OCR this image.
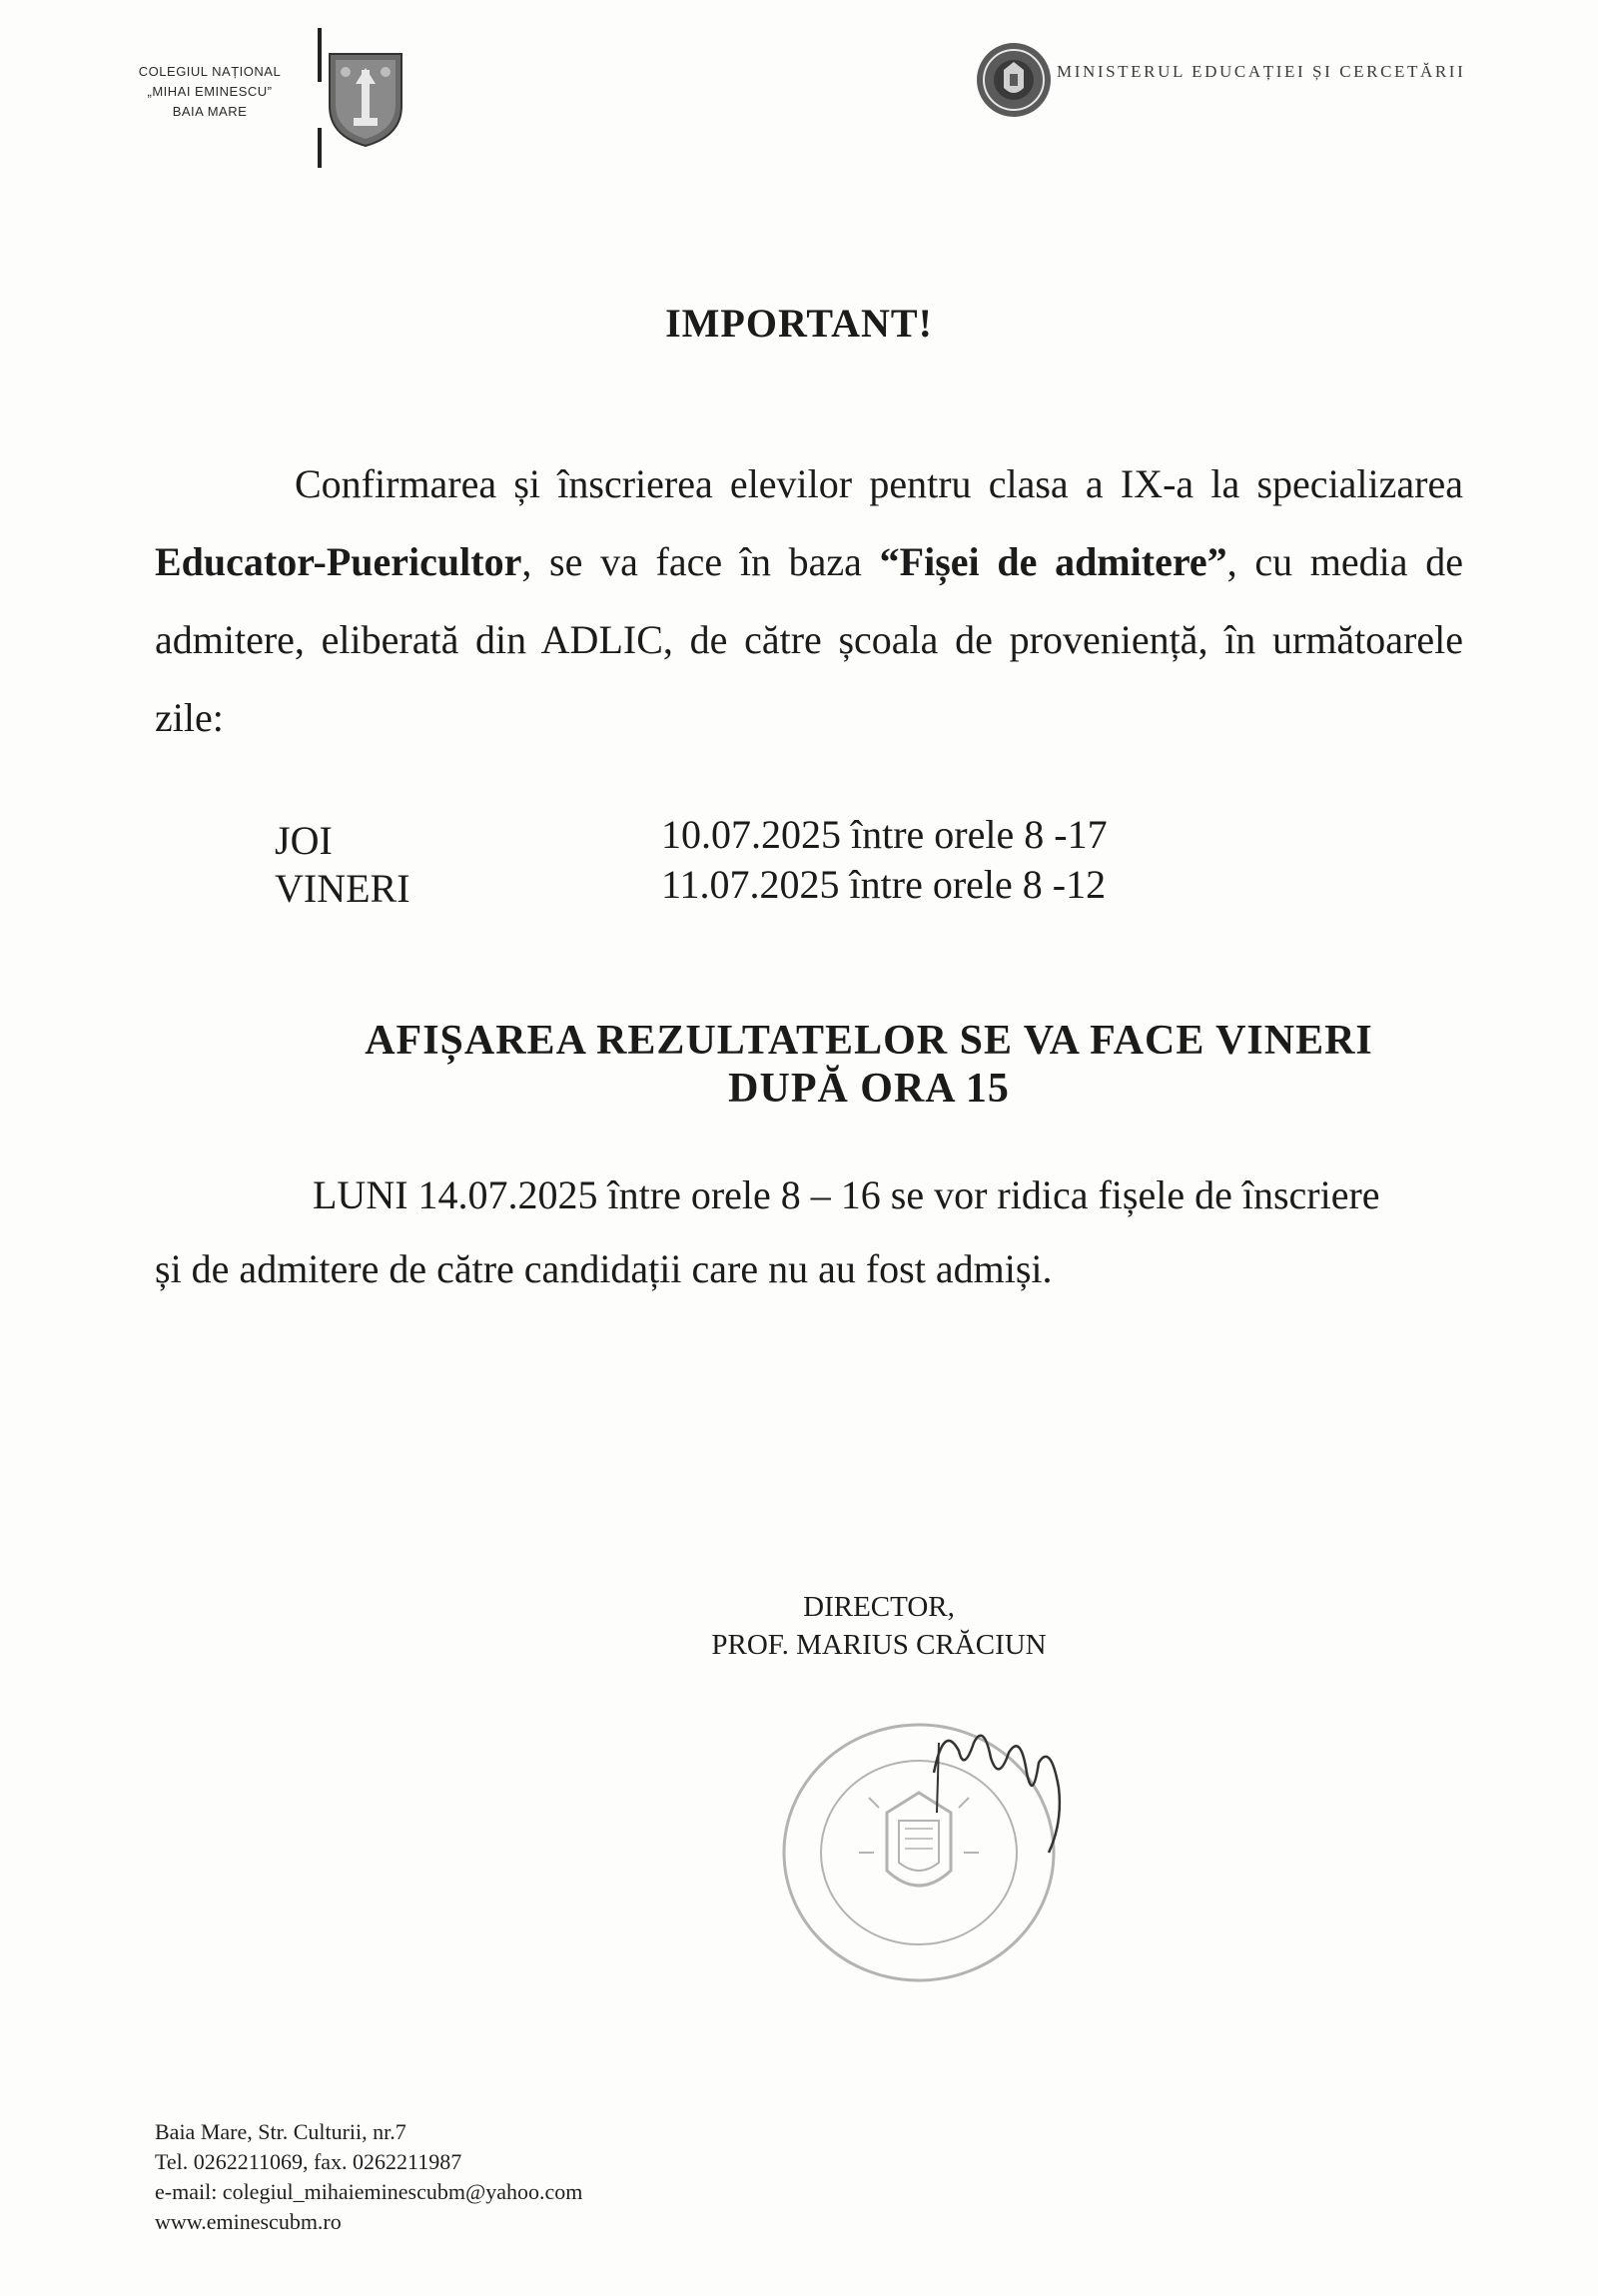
COLEGIUL NAȚIONAL
„MIHAI EMINESCU”
BAIA MARE
MINISTERUL EDUCAȚIEI ȘI CERCETĂRII
IMPORTANT!

Confirmarea și înscrierea elevilor pentru clasa a IX-a la specializarea Educator-Puericultor, se va face în baza “Fișei de admitere”, cu media de admitere, eliberată din ADLIC, de către școala de proveniență, în următoarele zile:

JOI	10.07.2025 între orele 8 -17
VINERI	11.07.2025 între orele 8 -12
AFIȘAREA REZULTATELOR SE VA FACE VINERI
DUPĂ ORA 15
LUNI 14.07.2025 între orele 8 – 16 se vor ridica fișele de înscriere
și de admitere de către candidații care nu au fost admiși.
DIRECTOR,
PROF. MARIUS CRĂCIUN
Baia Mare, Str. Culturii, nr.7
Tel. 0262211069, fax. 0262211987
e-mail: colegiul_mihaieminescubm@yahoo.com
www.eminescubm.ro
